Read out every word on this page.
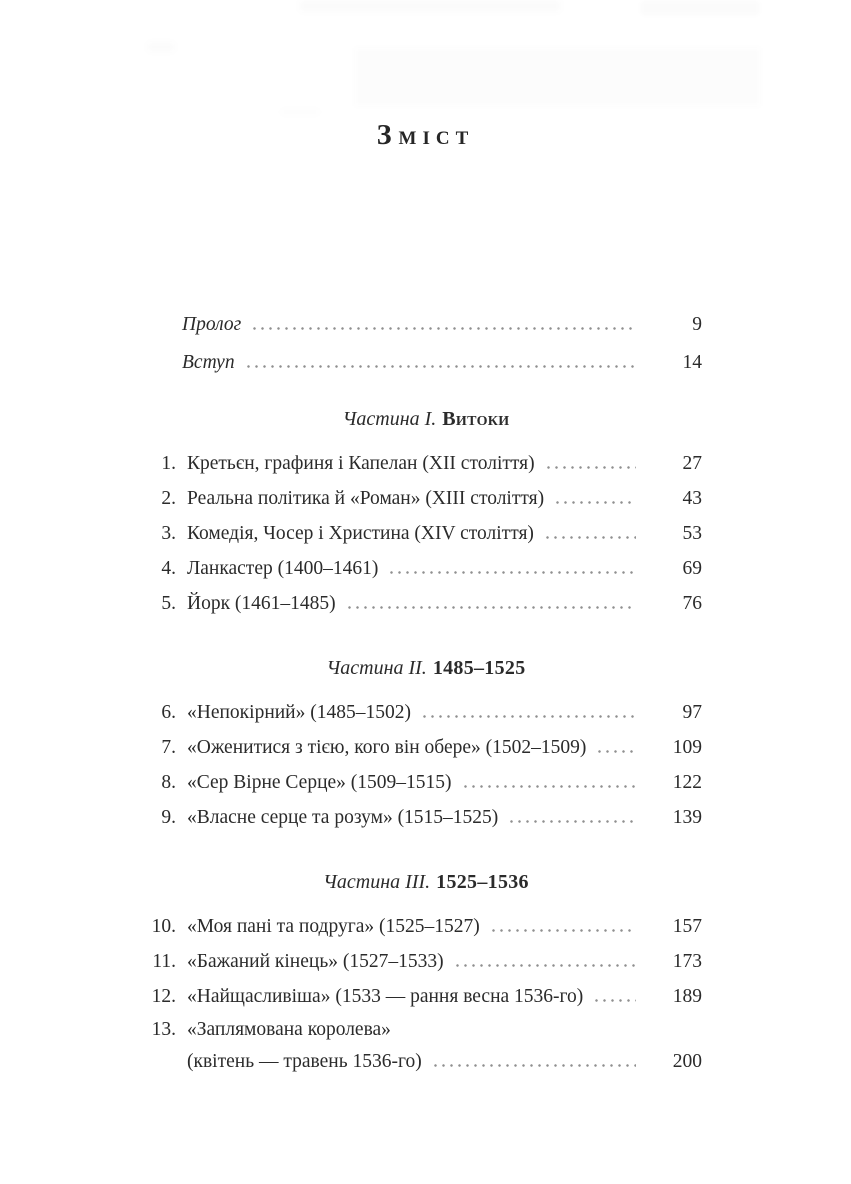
ЗМІСТ
Пролог	9
Вступ	14
Частина I. Витоки
1. Кретьєн, графиня і Капелан (XII століття)	27
2. Реальна політика й «Роман» (XIII століття)	43
3. Комедія, Чосер і Христина (XIV століття)	53
4. Ланкастер (1400–1461)	69
5. Йорк (1461–1485)	76
Частина II. 1485–1525
6. «Непокірний» (1485–1502)	97
7. «Оженитися з тією, кого він обере» (1502–1509)	109
8. «Сер Вірне Серце» (1509–1515)	122
9. «Власне серце та розум» (1515–1525)	139
Частина III. 1525–1536
10. «Моя пані та подруга» (1525–1527)	157
11. «Бажаний кінець» (1527–1533)	173
12. «Найщасливіша» (1533 — рання весна 1536-го)	189
13. «Заплямована королева»
(квітень — травень 1536-го)	200
